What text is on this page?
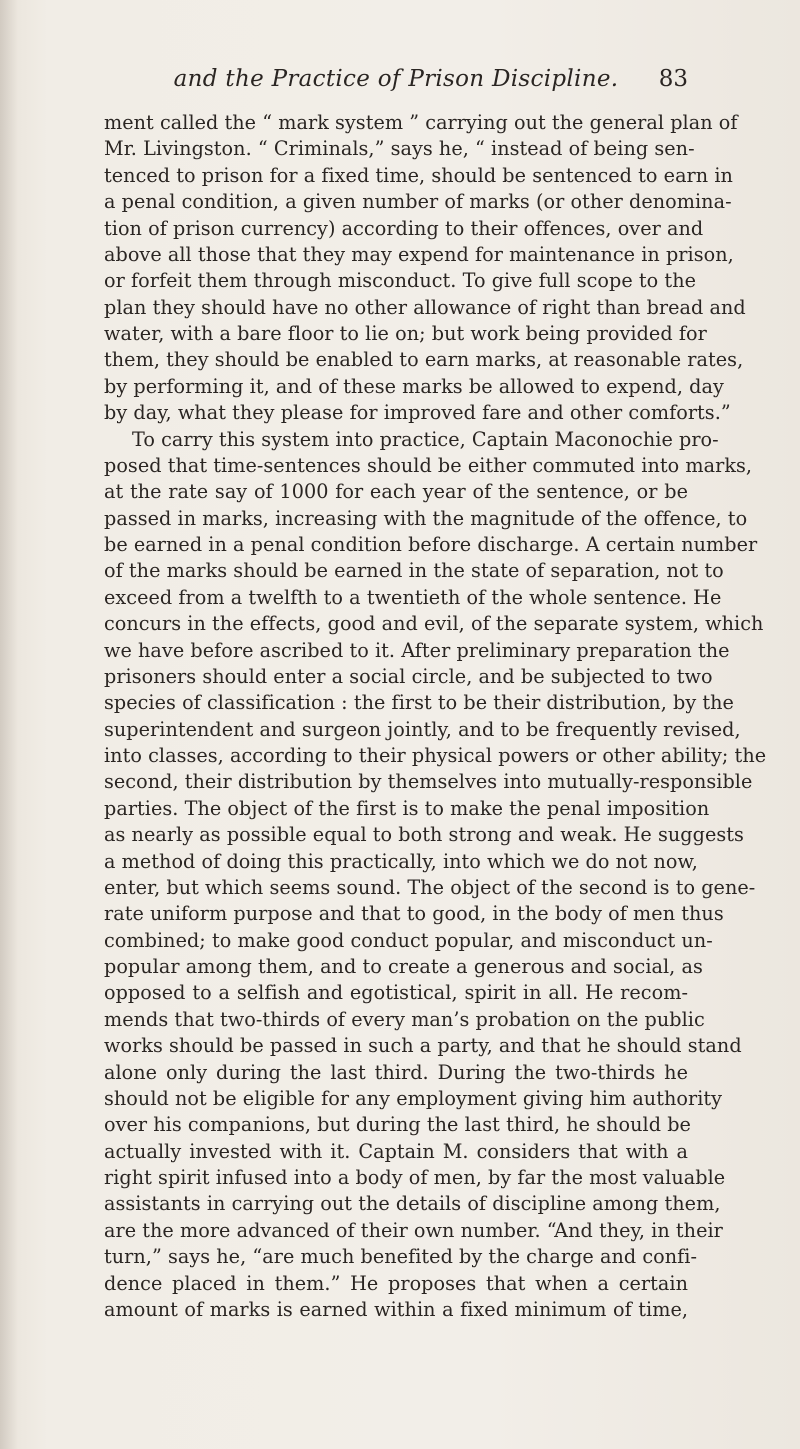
and the Practice of Prison Discipline.	83
ment called the “ mark system ” carrying out the general plan of
Mr. Livingston. “ Criminals,” says he, “ instead of being sen-
tenced to prison for a fixed time, should be sentenced to earn in
a penal condition, a given number of marks (or other denomina-
tion of prison currency) according to their offences, over and
above all those that they may expend for maintenance in prison,
or forfeit them through misconduct. To give full scope to the
plan they should have no other allowance of right than bread and
water, with a bare floor to lie on; but work being provided for
them, they should be enabled to earn marks, at reasonable rates,
by performing it, and of these marks be allowed to expend, day
by day, what they please for improved fare and other comforts.”
To carry this system into practice, Captain Maconochie pro-
posed that time-sentences should be either commuted into marks,
at the rate say of 1000 for each year of the sentence, or be
passed in marks, increasing with the magnitude of the offence, to
be earned in a penal condition before discharge. A certain number
of the marks should be earned in the state of separation, not to
exceed from a twelfth to a twentieth of the whole sentence. He
concurs in the effects, good and evil, of the separate system, which
we have before ascribed to it. After preliminary preparation the
prisoners should enter a social circle, and be subjected to two
species of classification : the first to be their distribution, by the
superintendent and surgeon jointly, and to be frequently revised,
into classes, according to their physical powers or other ability; the
second, their distribution by themselves into mutually-responsible
parties. The object of the first is to make the penal imposition
as nearly as possible equal to both strong and weak. He suggests
a method of doing this practically, into which we do not now,
enter, but which seems sound. The object of the second is to gene-
rate uniform purpose and that to good, in the body of men thus
combined; to make good conduct popular, and misconduct un-
popular among them, and to create a generous and social, as
opposed to a selfish and egotistical, spirit in all. He recom-
mends that two-thirds of every man’s probation on the public
works should be passed in such a party, and that he should stand
alone only during the last third. During the two-thirds he
should not be eligible for any employment giving him authority
over his companions, but during the last third, he should be
actually invested with it. Captain M. considers that with a
right spirit infused into a body of men, by far the most valuable
assistants in carrying out the details of discipline among them,
are the more advanced of their own number. “And they, in their
turn,” says he, “are much benefited by the charge and confi-
dence placed in them.” He proposes that when a certain
amount of marks is earned within a fixed minimum of time,
